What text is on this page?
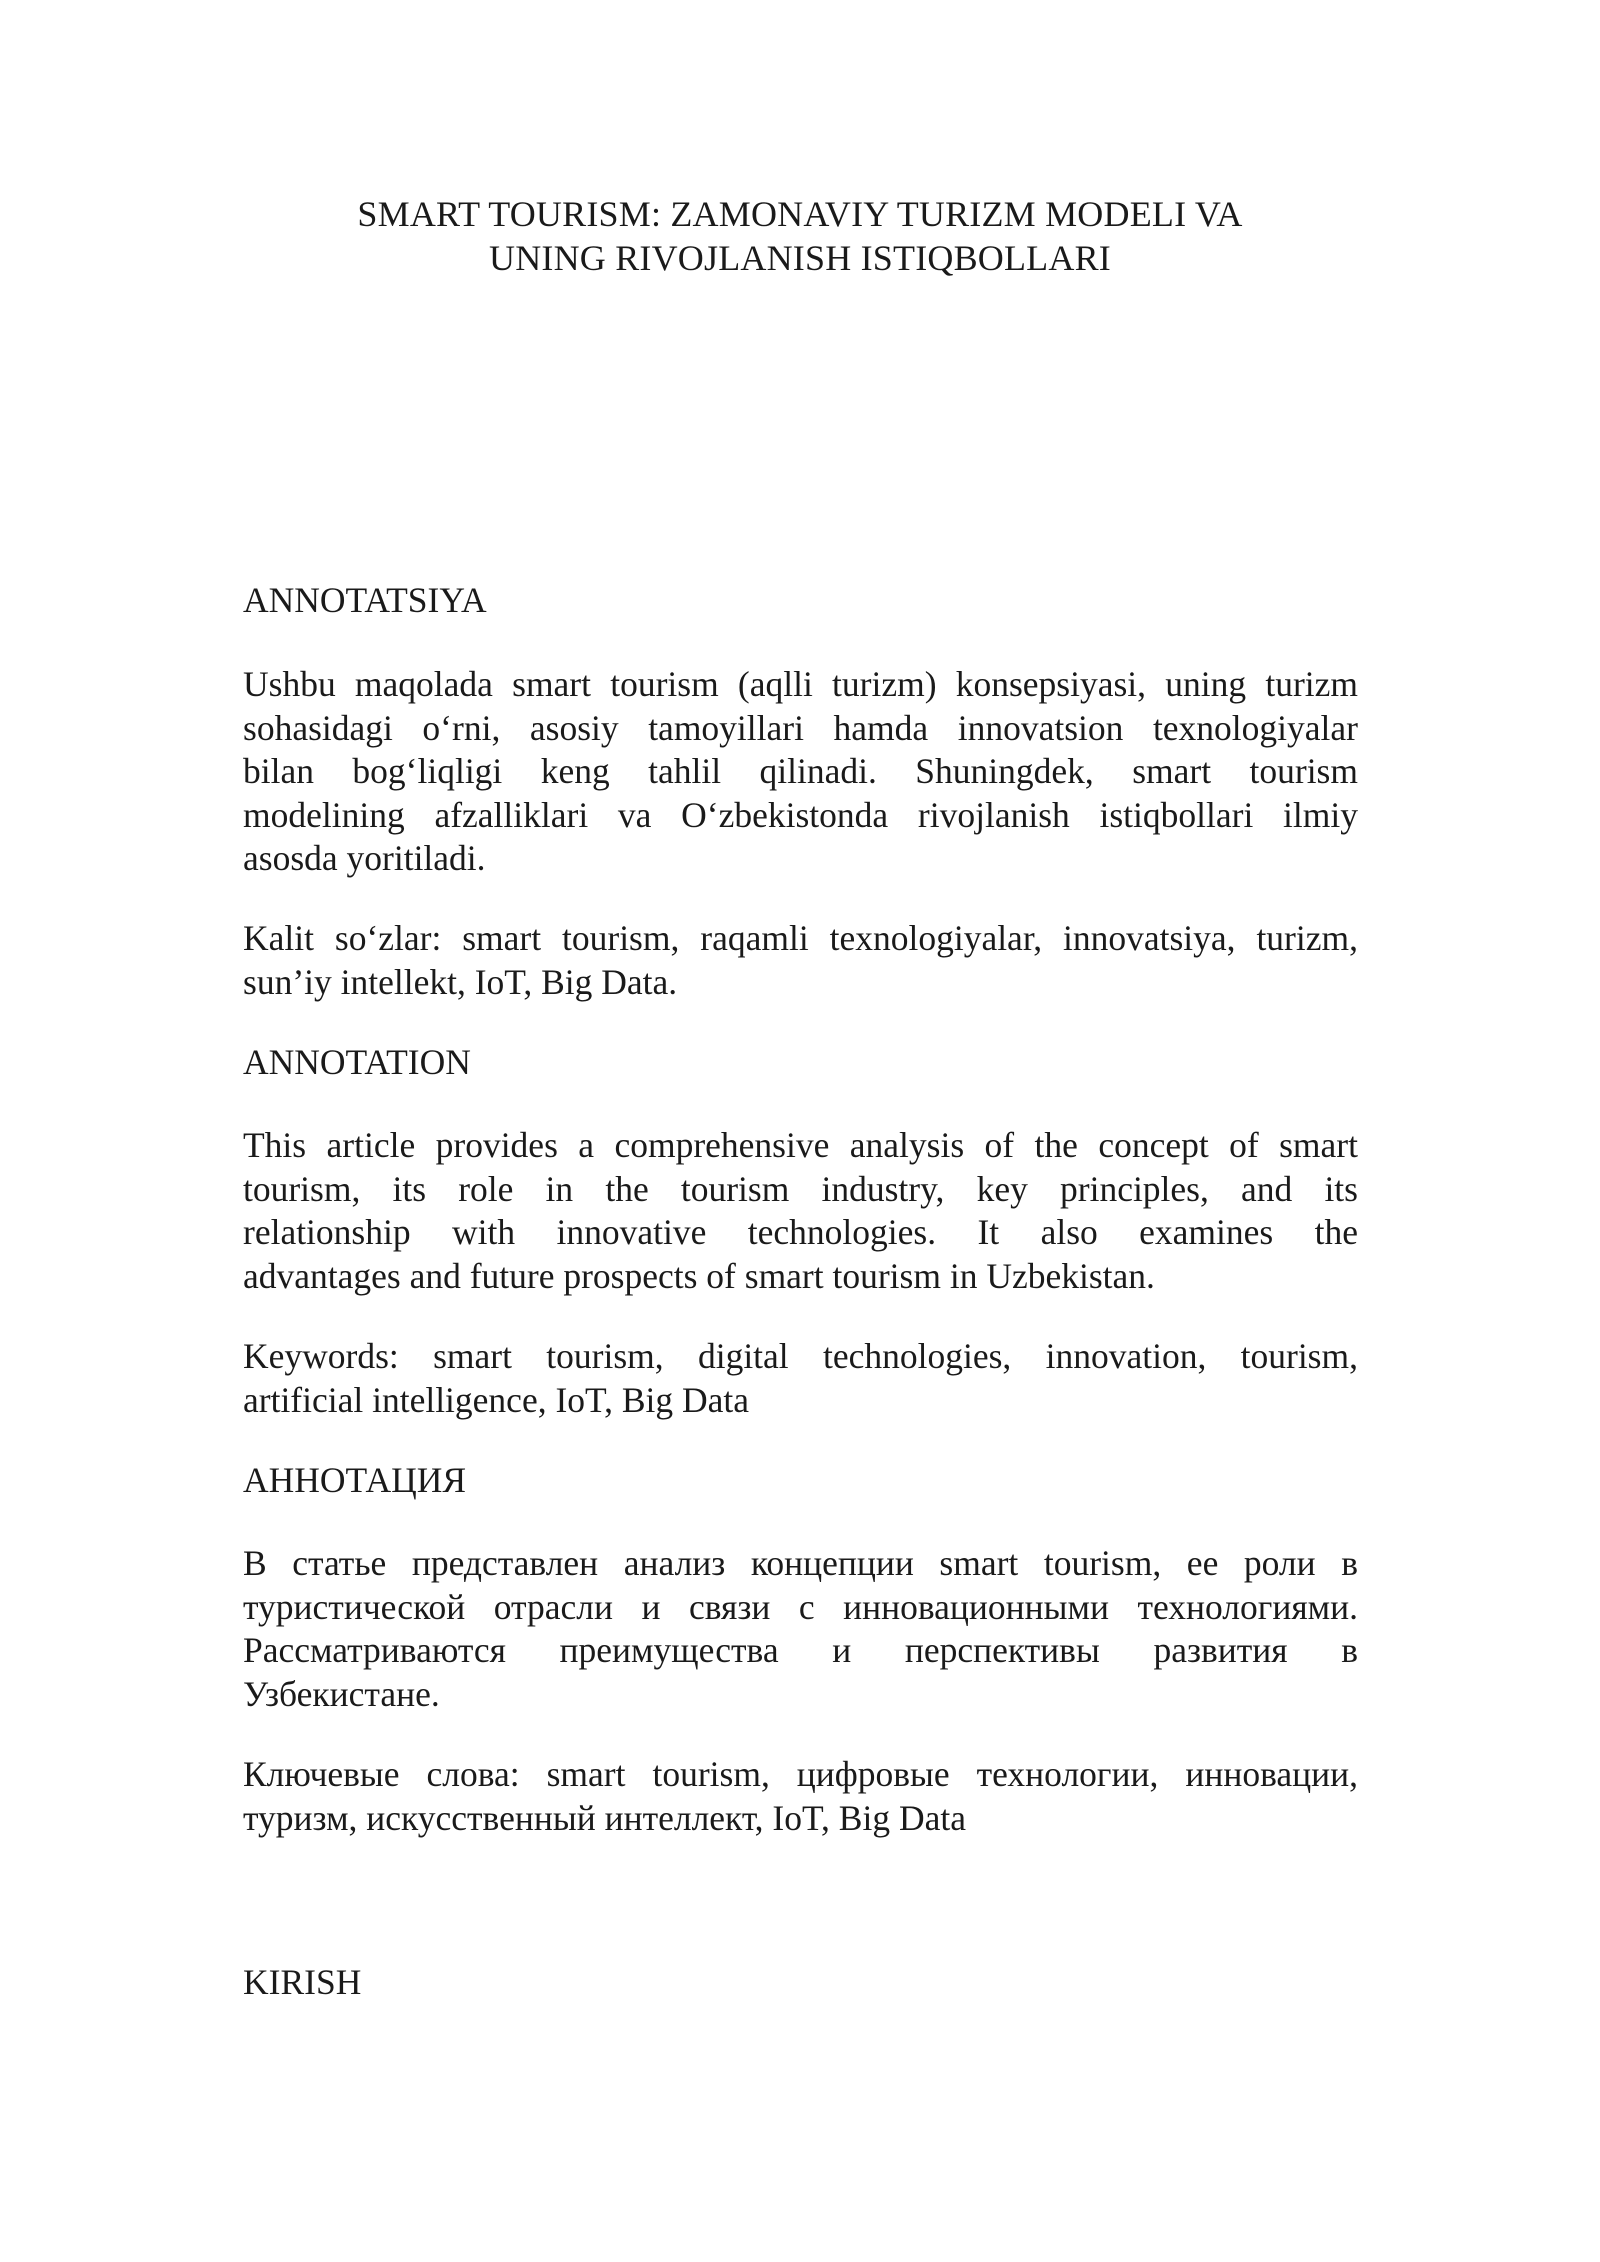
SMART TOURISM: ZAMONAVIY TURIZM MODELI VA
UNING RIVOJLANISH ISTIQBOLLARI
ANNOTATSIYA
Ushbu maqolada smart tourism (aqlli turizm) konsepsiyasi, uning turizm
sohasidagi o‘rni, asosiy tamoyillari hamda innovatsion texnologiyalar
bilan bog‘liqligi keng tahlil qilinadi. Shuningdek, smart tourism
modelining afzalliklari va O‘zbekistonda rivojlanish istiqbollari ilmiy
asosda yoritiladi.
Kalit so‘zlar: smart tourism, raqamli texnologiyalar, innovatsiya, turizm,
sun’iy intellekt, IoT, Big Data.
ANNOTATION
This article provides a comprehensive analysis of the concept of smart
tourism, its role in the tourism industry, key principles, and its
relationship with innovative technologies. It also examines the
advantages and future prospects of smart tourism in Uzbekistan.
Keywords: smart tourism, digital technologies, innovation, tourism,
artificial intelligence, IoT, Big Data
АННОТАЦИЯ
В статье представлен анализ концепции smart tourism, ее роли в
туристической отрасли и связи с инновационными технологиями.
Рассматриваются преимущества и перспективы развития в
Узбекистане.
Ключевые слова: smart tourism, цифровые технологии, инновации,
туризм, искусственный интеллект, IoT, Big Data
KIRISH
